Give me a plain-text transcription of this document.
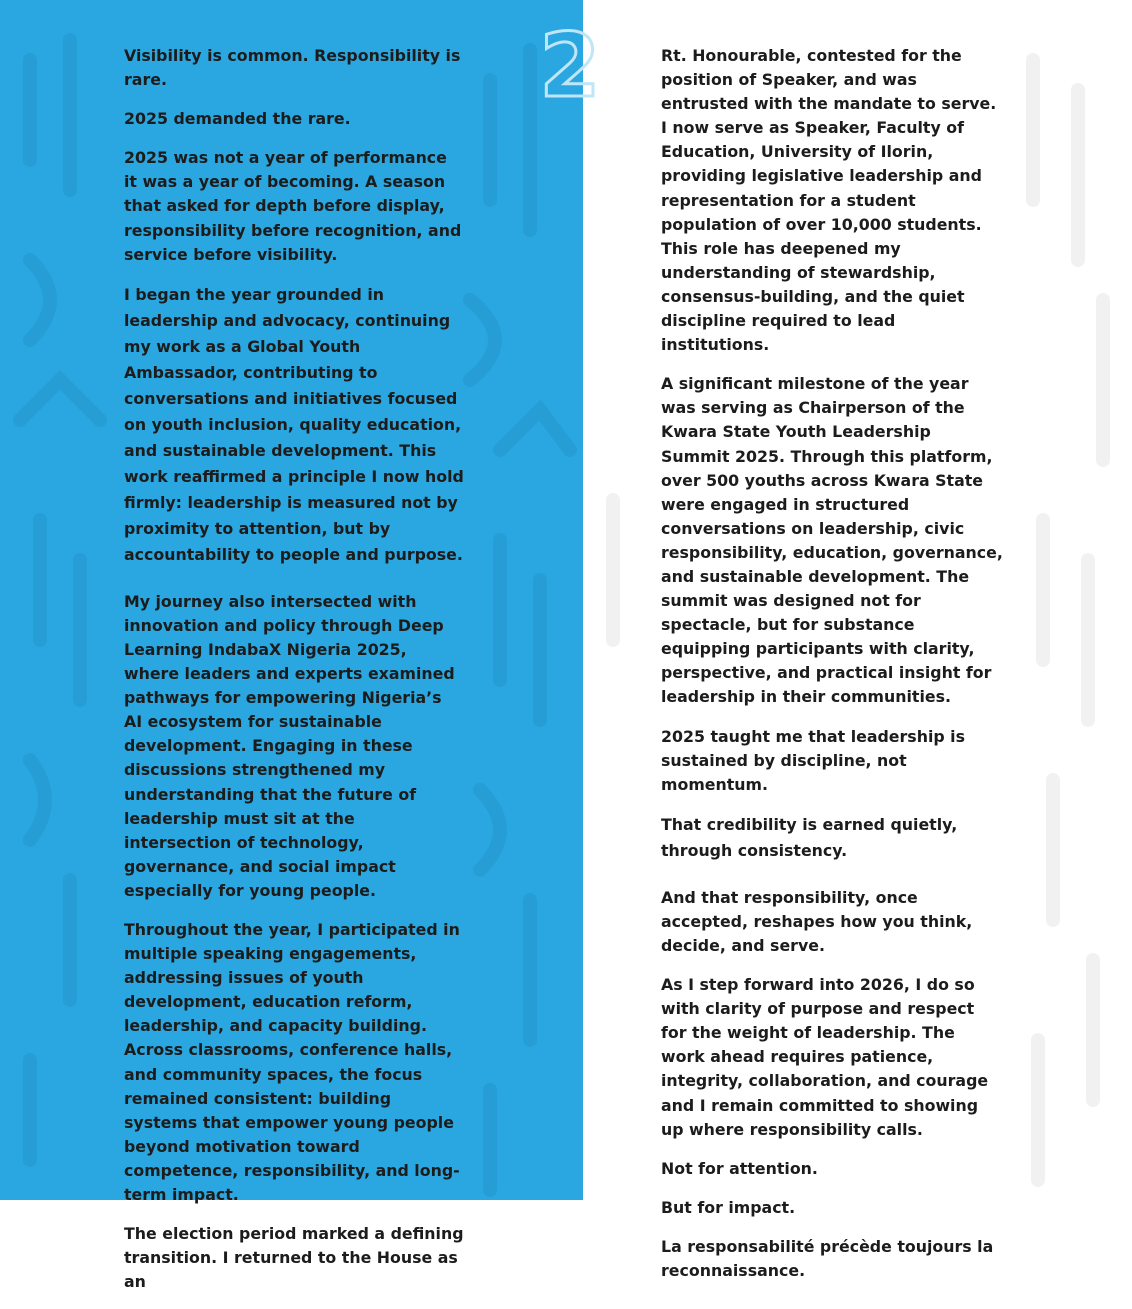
2

Visibility is common. Responsibility is rare.

2025 demanded the rare.

2025 was not a year of performance it was a year of becoming. A season that asked for depth before display, responsibility before recognition, and service before visibility.

I began the year grounded in leadership and advocacy, continuing my work as a Global Youth Ambassador, contributing to conversations and initiatives focused on youth inclusion, quality education, and sustainable development. This work reaffirmed a principle I now hold firmly: leadership is measured not by proximity to attention, but by accountability to people and purpose.

My journey also intersected with innovation and policy through Deep Learning IndabaX Nigeria 2025, where leaders and experts examined pathways for empowering Nigeria’s AI ecosystem for sustainable development. Engaging in these discussions strengthened my understanding that the future of leadership must sit at the intersection of technology, governance, and social impact especially for young people.

Throughout the year, I participated in multiple speaking engagements, addressing issues of youth development, education reform, leadership, and capacity building. Across classrooms, conference halls, and community spaces, the focus remained consistent: building systems that empower young people beyond motivation toward competence, responsibility, and long-term impact.

The election period marked a defining transition. I returned to the House as an

Rt. Honourable, contested for the position of Speaker, and was entrusted with the mandate to serve. I now serve as Speaker, Faculty of Education, University of Ilorin, providing legislative leadership and representation for a student population of over 10,000 students. This role has deepened my understanding of stewardship, consensus-building, and the quiet discipline required to lead institutions.

A significant milestone of the year was serving as Chairperson of the Kwara State Youth Leadership Summit 2025. Through this platform, over 500 youths across Kwara State were engaged in structured conversations on leadership, civic responsibility, education, governance, and sustainable development. The summit was designed not for spectacle, but for substance equipping participants with clarity, perspective, and practical insight for leadership in their communities.

2025 taught me that leadership is sustained by discipline, not momentum.

That credibility is earned quietly, through consistency.

And that responsibility, once accepted, reshapes how you think, decide, and serve.

As I step forward into 2026, I do so with clarity of purpose and respect for the weight of leadership. The work ahead requires patience, integrity, collaboration, and courage and I remain committed to showing up where responsibility calls.

Not for attention.

But for impact.

La responsabilité précède toujours la reconnaissance.
